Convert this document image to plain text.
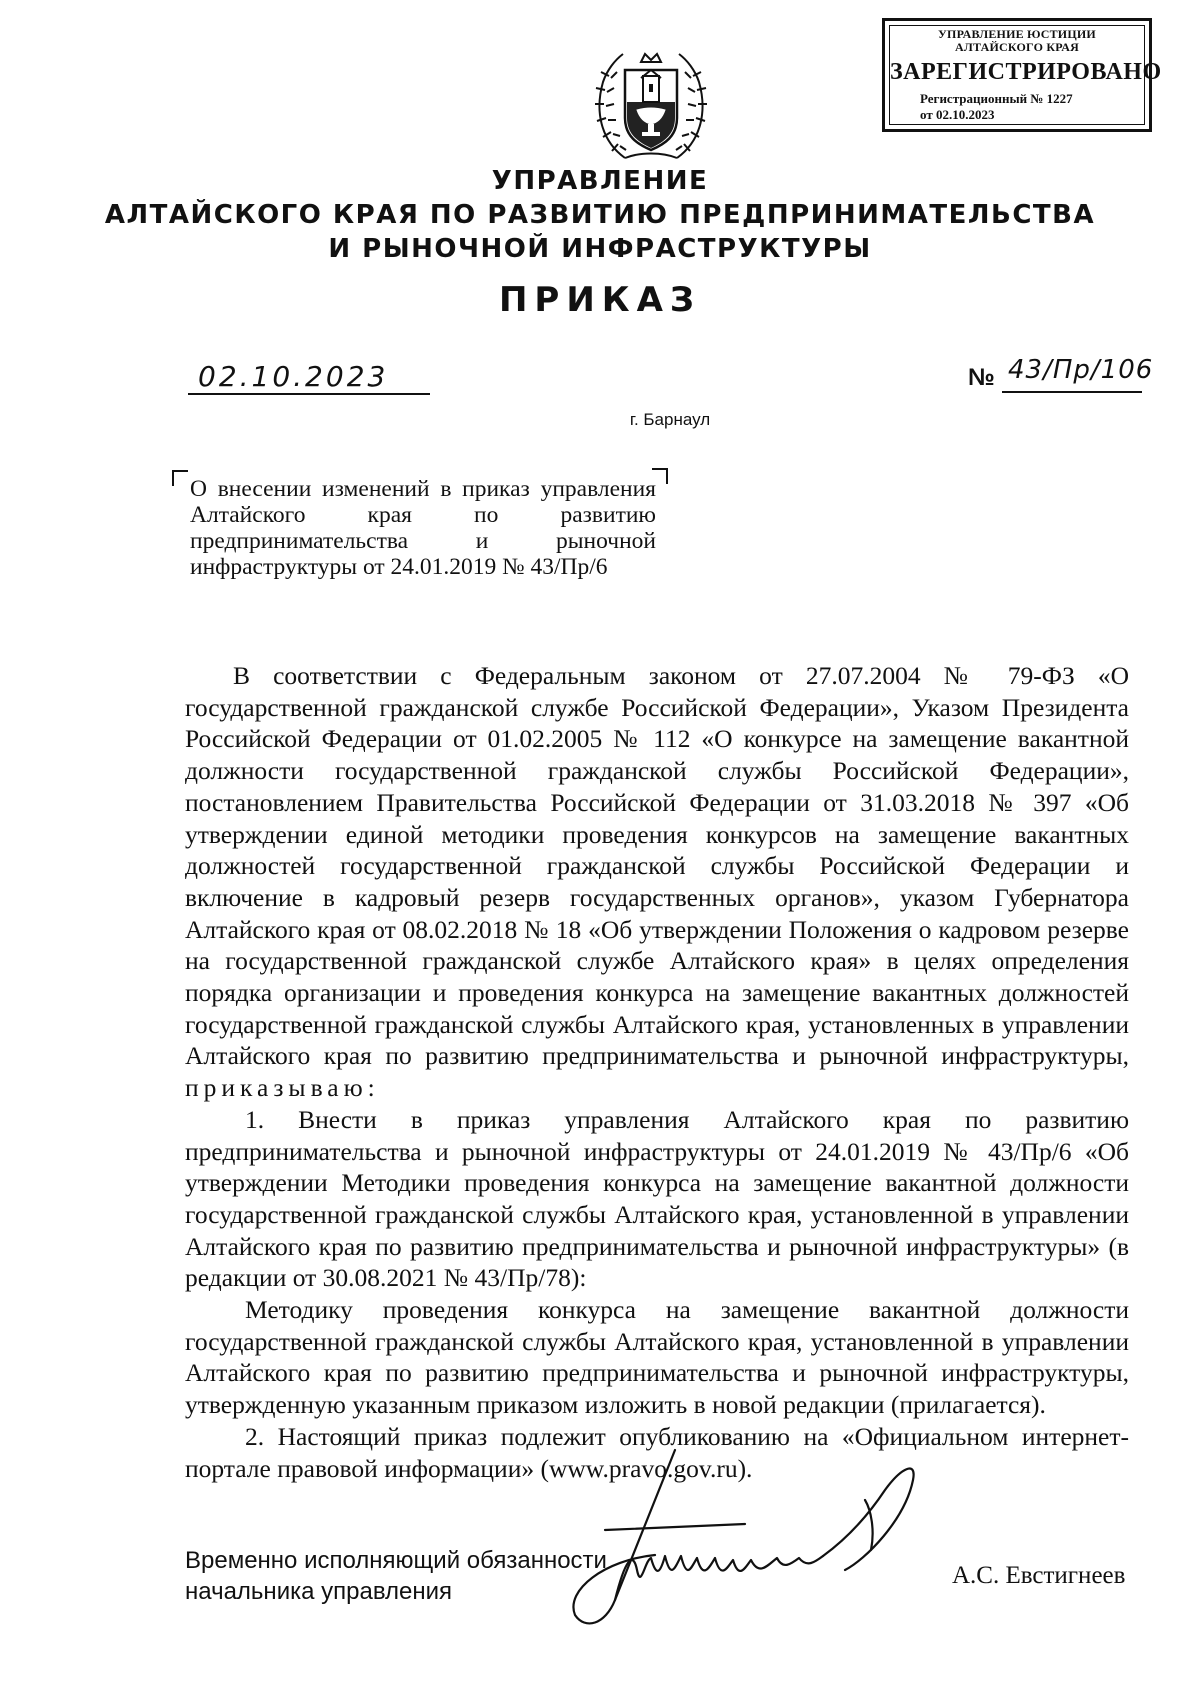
УПРАВЛЕНИЕ ЮСТИЦИИ
АЛТАЙСКОГО КРАЯ
ЗАРЕГИСТРИРОВАНО
Регистрационный № 1227
от 02.10.2023
УПРАВЛЕНИЕ
АЛТАЙСКОГО КРАЯ ПО РАЗВИТИЮ ПРЕДПРИНИМАТЕЛЬСТВА
И РЫНОЧНОЙ ИНФРАСТРУКТУРЫ
ПРИКАЗ
02.10.2023	№ 43/Пр/106
г. Барнаул
О внесении изменений в приказ управления Алтайского края по развитию предпринимательства и рыночной инфраструктуры от 24.01.2019 № 43/Пр/6

В соответствии с Федеральным законом от 27.07.2004 № 79-ФЗ «О государственной гражданской службе Российской Федерации», Указом Президента Российской Федерации от 01.02.2005 № 112 «О конкурсе на замещение вакантной должности государственной гражданской службы Российской Федерации», постановлением Правительства Российской Федерации от 31.03.2018 № 397 «Об утверждении единой методики проведения конкурсов на замещение вакантных должностей государственной гражданской службы Российской Федерации и включение в кадровый резерв государственных органов», указом Губернатора Алтайского края от 08.02.2018 № 18 «Об утверждении Положения о кадровом резерве на государственной гражданской службе Алтайского края» в целях определения порядка организации и проведения конкурса на замещение вакантных должностей государственной гражданской службы Алтайского края, установленных в управлении Алтайского края по развитию предпринимательства и рыночной инфраструктуры, приказываю:

1. Внести в приказ управления Алтайского края по развитию предпринимательства и рыночной инфраструктуры от 24.01.2019 № 43/Пр/6 «Об утверждении Методики проведения конкурса на замещение вакантной должности государственной гражданской службы Алтайского края, установленной в управлении Алтайского края по развитию предпринимательства и рыночной инфраструктуры» (в редакции от 30.08.2021 № 43/Пр/78):

Методику проведения конкурса на замещение вакантной должности государственной гражданской службы Алтайского края, установленной в управлении Алтайского края по развитию предпринимательства и рыночной инфраструктуры, утвержденную указанным приказом изложить в новой редакции (прилагается).

2. Настоящий приказ подлежит опубликованию на «Официальном интернет-портале правовой информации» (www.pravo.gov.ru).

Временно исполняющий обязанности
начальника управления
А.С. Евстигнеев
